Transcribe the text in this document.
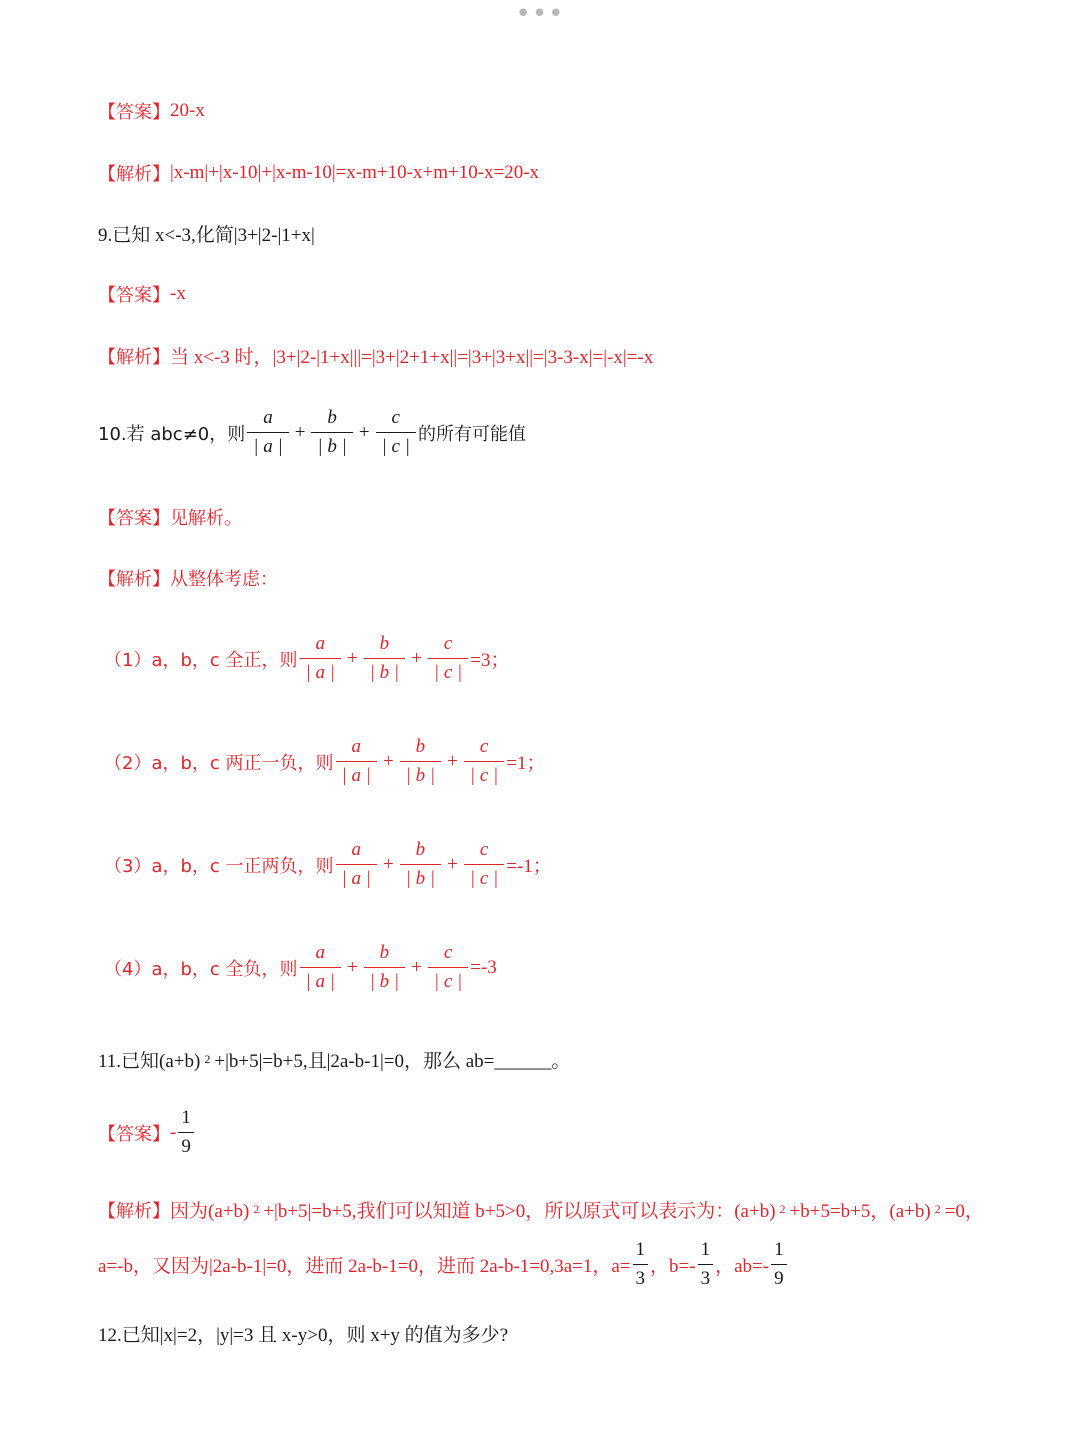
•••
【答案】 20-x
【解析】 |x-m|+|x-10|+|x-m-10|=x-m+10-x+m+10-x=20-x
9.已知 x<-3,化简|3+|2-|1+x|
【答案】 -x
【解析】 当 x<-3 时，|3+|2-|1+x|||=|3+|2+1+x||=|3+|3+x||=|3-3-x|=|-x|=-x
10.若 abc≠0，则 $\frac{a}{| a |} + \frac{b}{| b |} + \frac{c}{| c |}$ 的所有可能值
【答案】 见解析。
【解析】 从整体考虑：
（1）a，b，c 全正，则 $\frac{a}{| a |} + \frac{b}{| b |} + \frac{c}{| c |} =3$；
（2）a，b，c 两正一负，则 $\frac{a}{| a |} + \frac{b}{| b |} + \frac{c}{| c |} =1$；
（3）a，b，c 一正两负，则 $\frac{a}{| a |} + \frac{b}{| b |} + \frac{c}{| c |} =-1$；
（4）a，b，c 全负，则 $\frac{a}{| a |} + \frac{b}{| b |} + \frac{c}{| c |} =-3$
11.已知(a+b) 2 +|b+5|=b+5,且|2a-b-1|=0，那么 ab=______。
【答案】 - $\frac{1}{9}$
【解析】 因为(a+b) 2 +|b+5|=b+5,我们可以知道 b+5>0，所以原式可以表示为：(a+b) 2 +b+5=b+5，(a+b) 2 =0，
a=-b，又因为|2a-b-1|=0，进而 2a-b-1=0，进而 2a-b-1=0,3a=1，$a= \frac{1}{3}$ ，$b=- \frac{1}{3}$ ，$ab=- \frac{1}{9}$
12.已知|x|=2，|y|=3 且 x-y>0，则 x+y 的值为多少?
